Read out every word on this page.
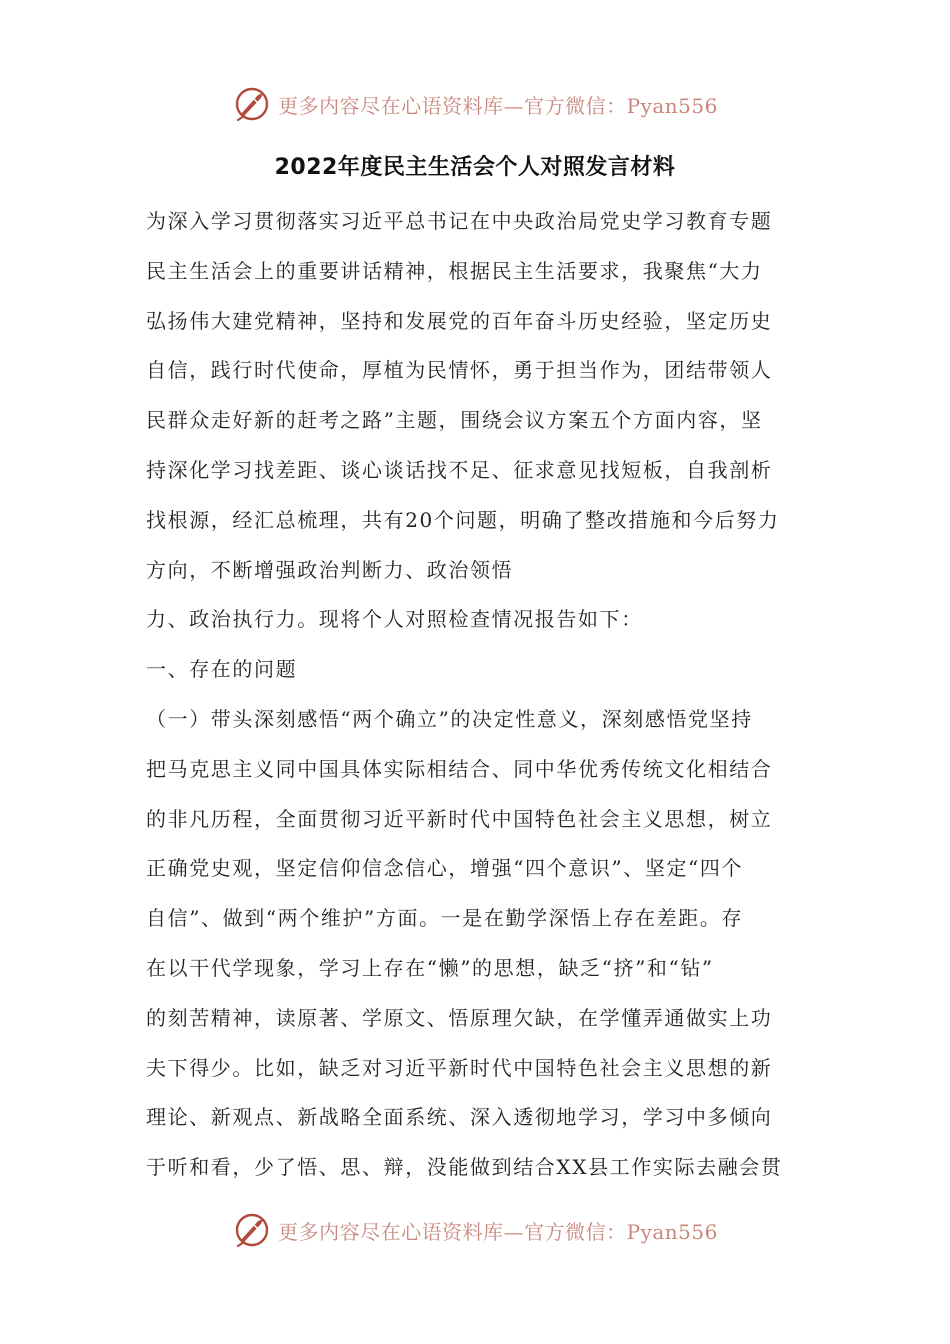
更多内容尽在心语资料库—官方微信：Pyan556
2022年度民主生活会个人对照发言材料
为深入学习贯彻落实习近平总书记在中央政治局党史学习教育专题
民主生活会上的重要讲话精神，根据民主生活要求，我聚焦“大力
弘扬伟大建党精神，坚持和发展党的百年奋斗历史经验，坚定历史
自信，践行时代使命，厚植为民情怀，勇于担当作为，团结带领人
民群众走好新的赶考之路”主题，围绕会议方案五个方面内容，坚
持深化学习找差距、谈心谈话找不足、征求意见找短板，自我剖析
找根源，经汇总梳理，共有20个问题，明确了整改措施和今后努力
方向，不断增强政治判断力、政治领悟
力、政治执行力。现将个人对照检查情况报告如下：
一、存在的问题
（一）带头深刻感悟“两个确立”的决定性意义，深刻感悟党坚持
把马克思主义同中国具体实际相结合、同中华优秀传统文化相结合
的非凡历程，全面贯彻习近平新时代中国特色社会主义思想，树立
正确党史观，坚定信仰信念信心，增强“四个意识”、坚定“四个
自信”、做到“两个维护”方面。一是在勤学深悟上存在差距。存
在以干代学现象，学习上存在“懒”的思想，缺乏“挤”和“钻”
的刻苦精神，读原著、学原文、悟原理欠缺，在学懂弄通做实上功
夫下得少。比如，缺乏对习近平新时代中国特色社会主义思想的新
理论、新观点、新战略全面系统、深入透彻地学习，学习中多倾向
于听和看，少了悟、思、辩，没能做到结合XX县工作实际去融会贯
更多内容尽在心语资料库—官方微信：Pyan556
